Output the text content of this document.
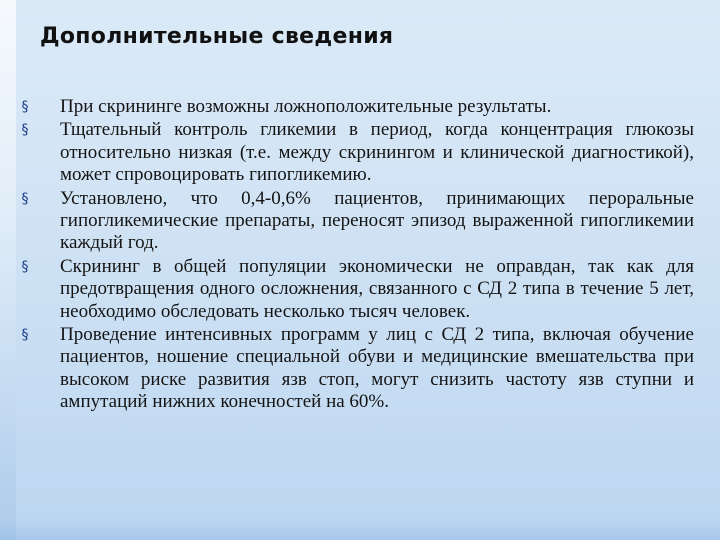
Дополнительные сведения
§ При скрининге возможны ложноположительные результаты.
§ Тщательный контроль гликемии в период, когда концентрация глюкозы относительно низкая (т.е. между скринингом и клинической диагностикой), может спровоцировать гипогликемию.
§ Установлено, что 0,4-0,6% пациентов, принимающих пероральные гипогликемические препараты, переносят эпизод выраженной гипогликемии каждый год.
§ Скрининг в общей популяции экономически не оправдан, так как для предотвращения одного осложнения, связанного с СД 2 типа в течение 5 лет, необходимо обследовать несколько тысяч человек.
§ Проведение интенсивных программ у лиц с СД 2 типа, включая обучение пациентов, ношение специальной обуви и медицинские вмешательства при высоком риске развития язв стоп, могут снизить частоту язв ступни и ампутаций нижних конечностей на 60%.
